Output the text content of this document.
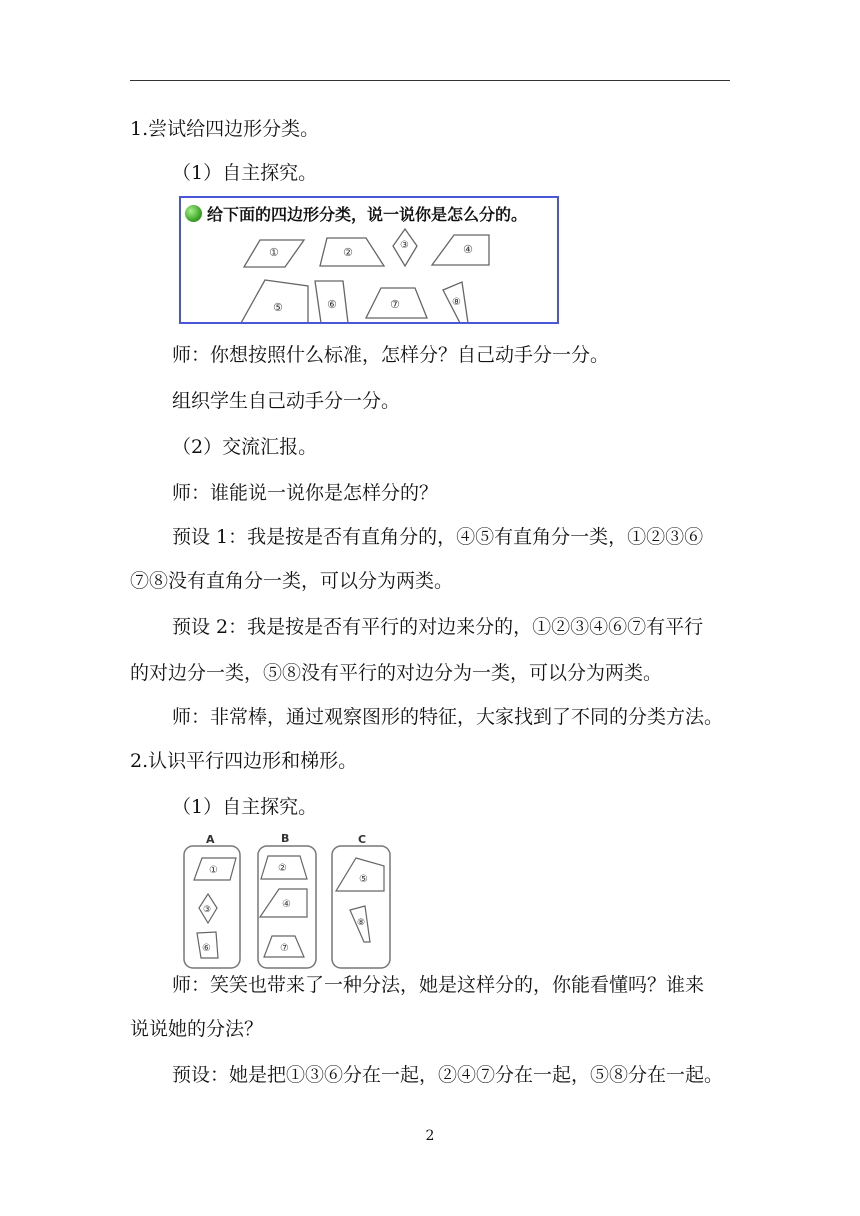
1.尝试给四边形分类。
（1）自主探究。
给下面的四边形分类，说一说你是怎么分的。
①	②
③	④
⑤	⑥	⑦	⑧
师：你想按照什么标准，怎样分？自己动手分一分。
组织学生自己动手分一分。
（2）交流汇报。
师：谁能说一说你是怎样分的？
预设 1：我是按是否有直角分的，④⑤有直角分一类，①②③⑥
⑦⑧没有直角分一类，可以分为两类。
预设 2：我是按是否有平行的对边来分的，①②③④⑥⑦有平行
的对边分一类，⑤⑧没有平行的对边分为一类，可以分为两类。
师：非常棒，通过观察图形的特征，大家找到了不同的分类方法。
2.认识平行四边形和梯形。
（1）自主探究。
A	B	C
①
③
⑥
②
④
⑦
⑤
⑧
师：笑笑也带来了一种分法，她是这样分的，你能看懂吗？谁来
说说她的分法？
预设：她是把①③⑥分在一起，②④⑦分在一起，⑤⑧分在一起。
2
